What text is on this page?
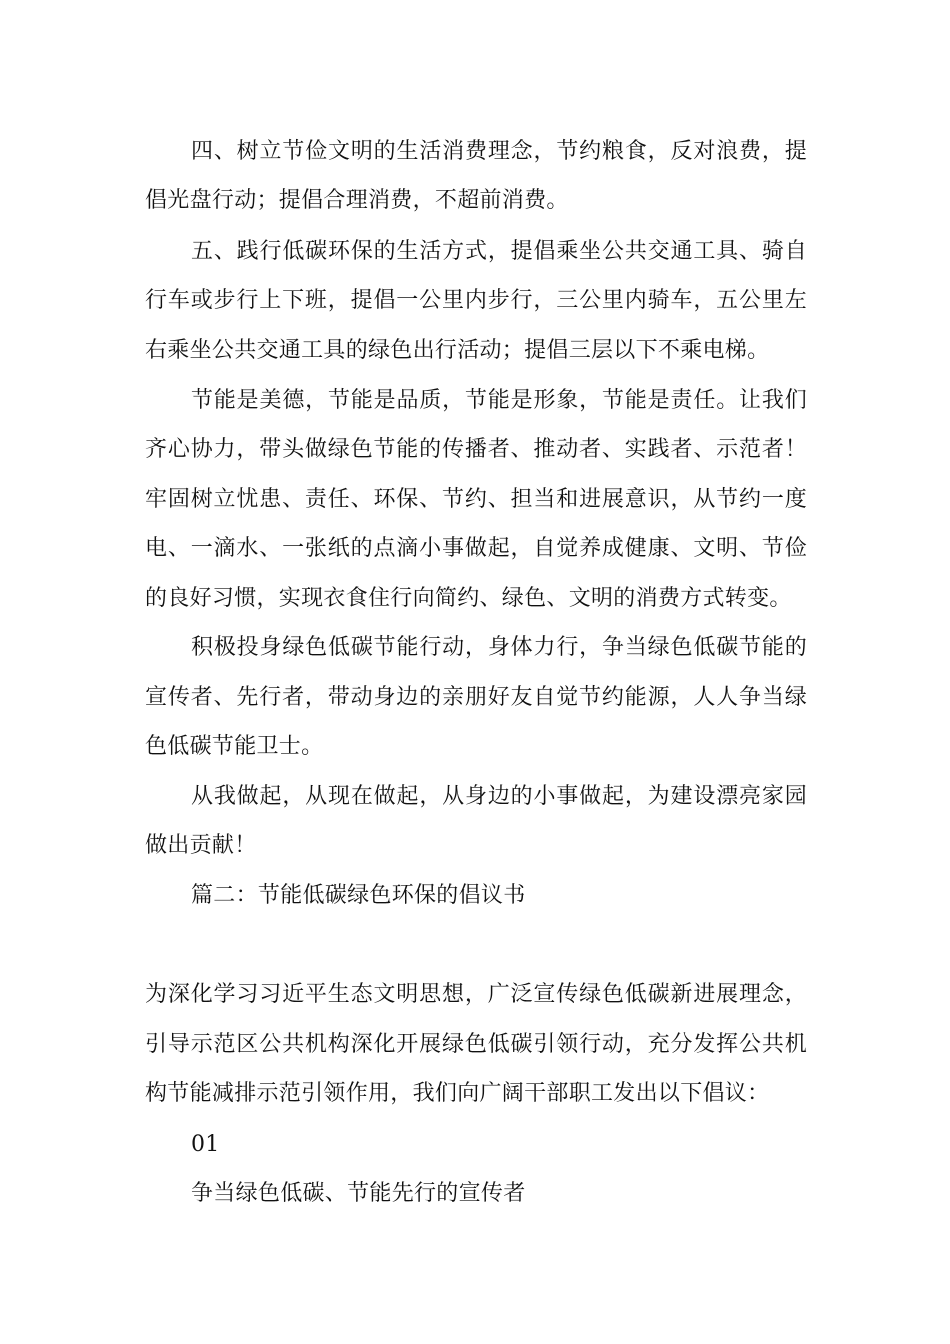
四、树立节俭文明的生活消费理念，节约粮食，反对浪费，提
倡光盘行动；提倡合理消费，不超前消费。
五、践行低碳环保的生活方式，提倡乘坐公共交通工具、骑自
行车或步行上下班，提倡一公里内步行，三公里内骑车，五公里左
右乘坐公共交通工具的绿色出行活动；提倡三层以下不乘电梯。
节能是美德，节能是品质，节能是形象，节能是责任。让我们
齐心协力，带头做绿色节能的传播者、推动者、实践者、示范者！
牢固树立忧患、责任、环保、节约、担当和进展意识，从节约一度
电、一滴水、一张纸的点滴小事做起，自觉养成健康、文明、节俭
的良好习惯，实现衣食住行向简约、绿色、文明的消费方式转变。
积极投身绿色低碳节能行动，身体力行，争当绿色低碳节能的
宣传者、先行者，带动身边的亲朋好友自觉节约能源，人人争当绿
色低碳节能卫士。
从我做起，从现在做起，从身边的小事做起，为建设漂亮家园
做出贡献！
篇二：节能低碳绿色环保的倡议书
为深化学习习近平生态文明思想，广泛宣传绿色低碳新进展理念，
引导示范区公共机构深化开展绿色低碳引领行动，充分发挥公共机
构节能减排示范引领作用，我们向广阔干部职工发出以下倡议：
01
争当绿色低碳、节能先行的宣传者
